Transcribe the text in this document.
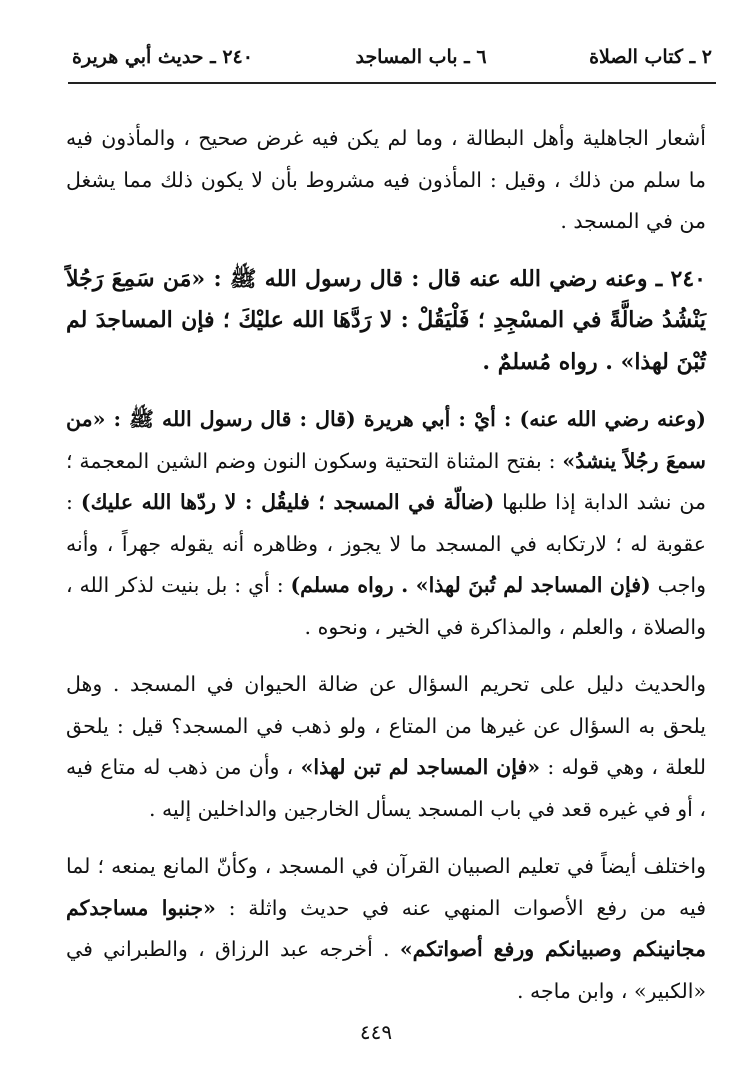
٢ ـ كتاب الصلاة
٦ ـ باب المساجد
٢٤٠ ـ حديث أبي هريرة

أشعار الجاهلية وأهل البطالة ، وما لم يكن فيه غرض صحيح ، والمأذون فيه ما سلم من ذلك ، وقيل : المأذون فيه مشروط بأن لا يكون ذلك مما يشغل من في المسجد .

٢٤٠ ـ وعنه رضي الله عنه قال : قال رسول الله ﷺ : «مَن سَمِعَ رَجُلاً يَنْشُدُ ضالَّةً في المسْجِدِ ؛ فَلْيَقُلْ : لا رَدَّهَا الله عليْكَ ؛ فإن المساجدَ لم تُبْنَ لهذا» . رواه مُسلمٌ .

(وعنه رضي الله عنه) : أيْ : أبي هريرة (قال : قال رسول الله ﷺ : «من سمعَ رجُلاً ينشدُ» : بفتح المثناة التحتية وسكون النون وضم الشين المعجمة ؛ من نشد الدابة إذا طلبها (ضالّة في المسجد ؛ فليقُل : لا ردّها الله عليك) : عقوبة له ؛ لارتكابه في المسجد ما لا يجوز ، وظاهره أنه يقوله جهراً ، وأنه واجب (فإن المساجد لم تُبنَ لهذا» . رواه مسلم) : أي : بل بنيت لذكر الله ، والصلاة ، والعلم ، والمذاكرة في الخير ، ونحوه .

والحديث دليل على تحريم السؤال عن ضالة الحيوان في المسجد . وهل يلحق به السؤال عن غيرها من المتاع ، ولو ذهب في المسجد؟ قيل : يلحق للعلة ، وهي قوله : «فإن المساجد لم تبن لهذا» ، وأن من ذهب له متاع فيه ، أو في غيره قعد في باب المسجد يسأل الخارجين والداخلين إليه .

واختلف أيضاً في تعليم الصبيان القرآن في المسجد ، وكأنّ المانع يمنعه ؛ لما فيه من رفع الأصوات المنهي عنه في حديث واثلة : «جنبوا مساجدكم مجانينكم وصبيانكم ورفع أصواتكم» . أخرجه عبد الرزاق ، والطبراني في «الكبير» ، وابن ماجه .

٤٤٩
